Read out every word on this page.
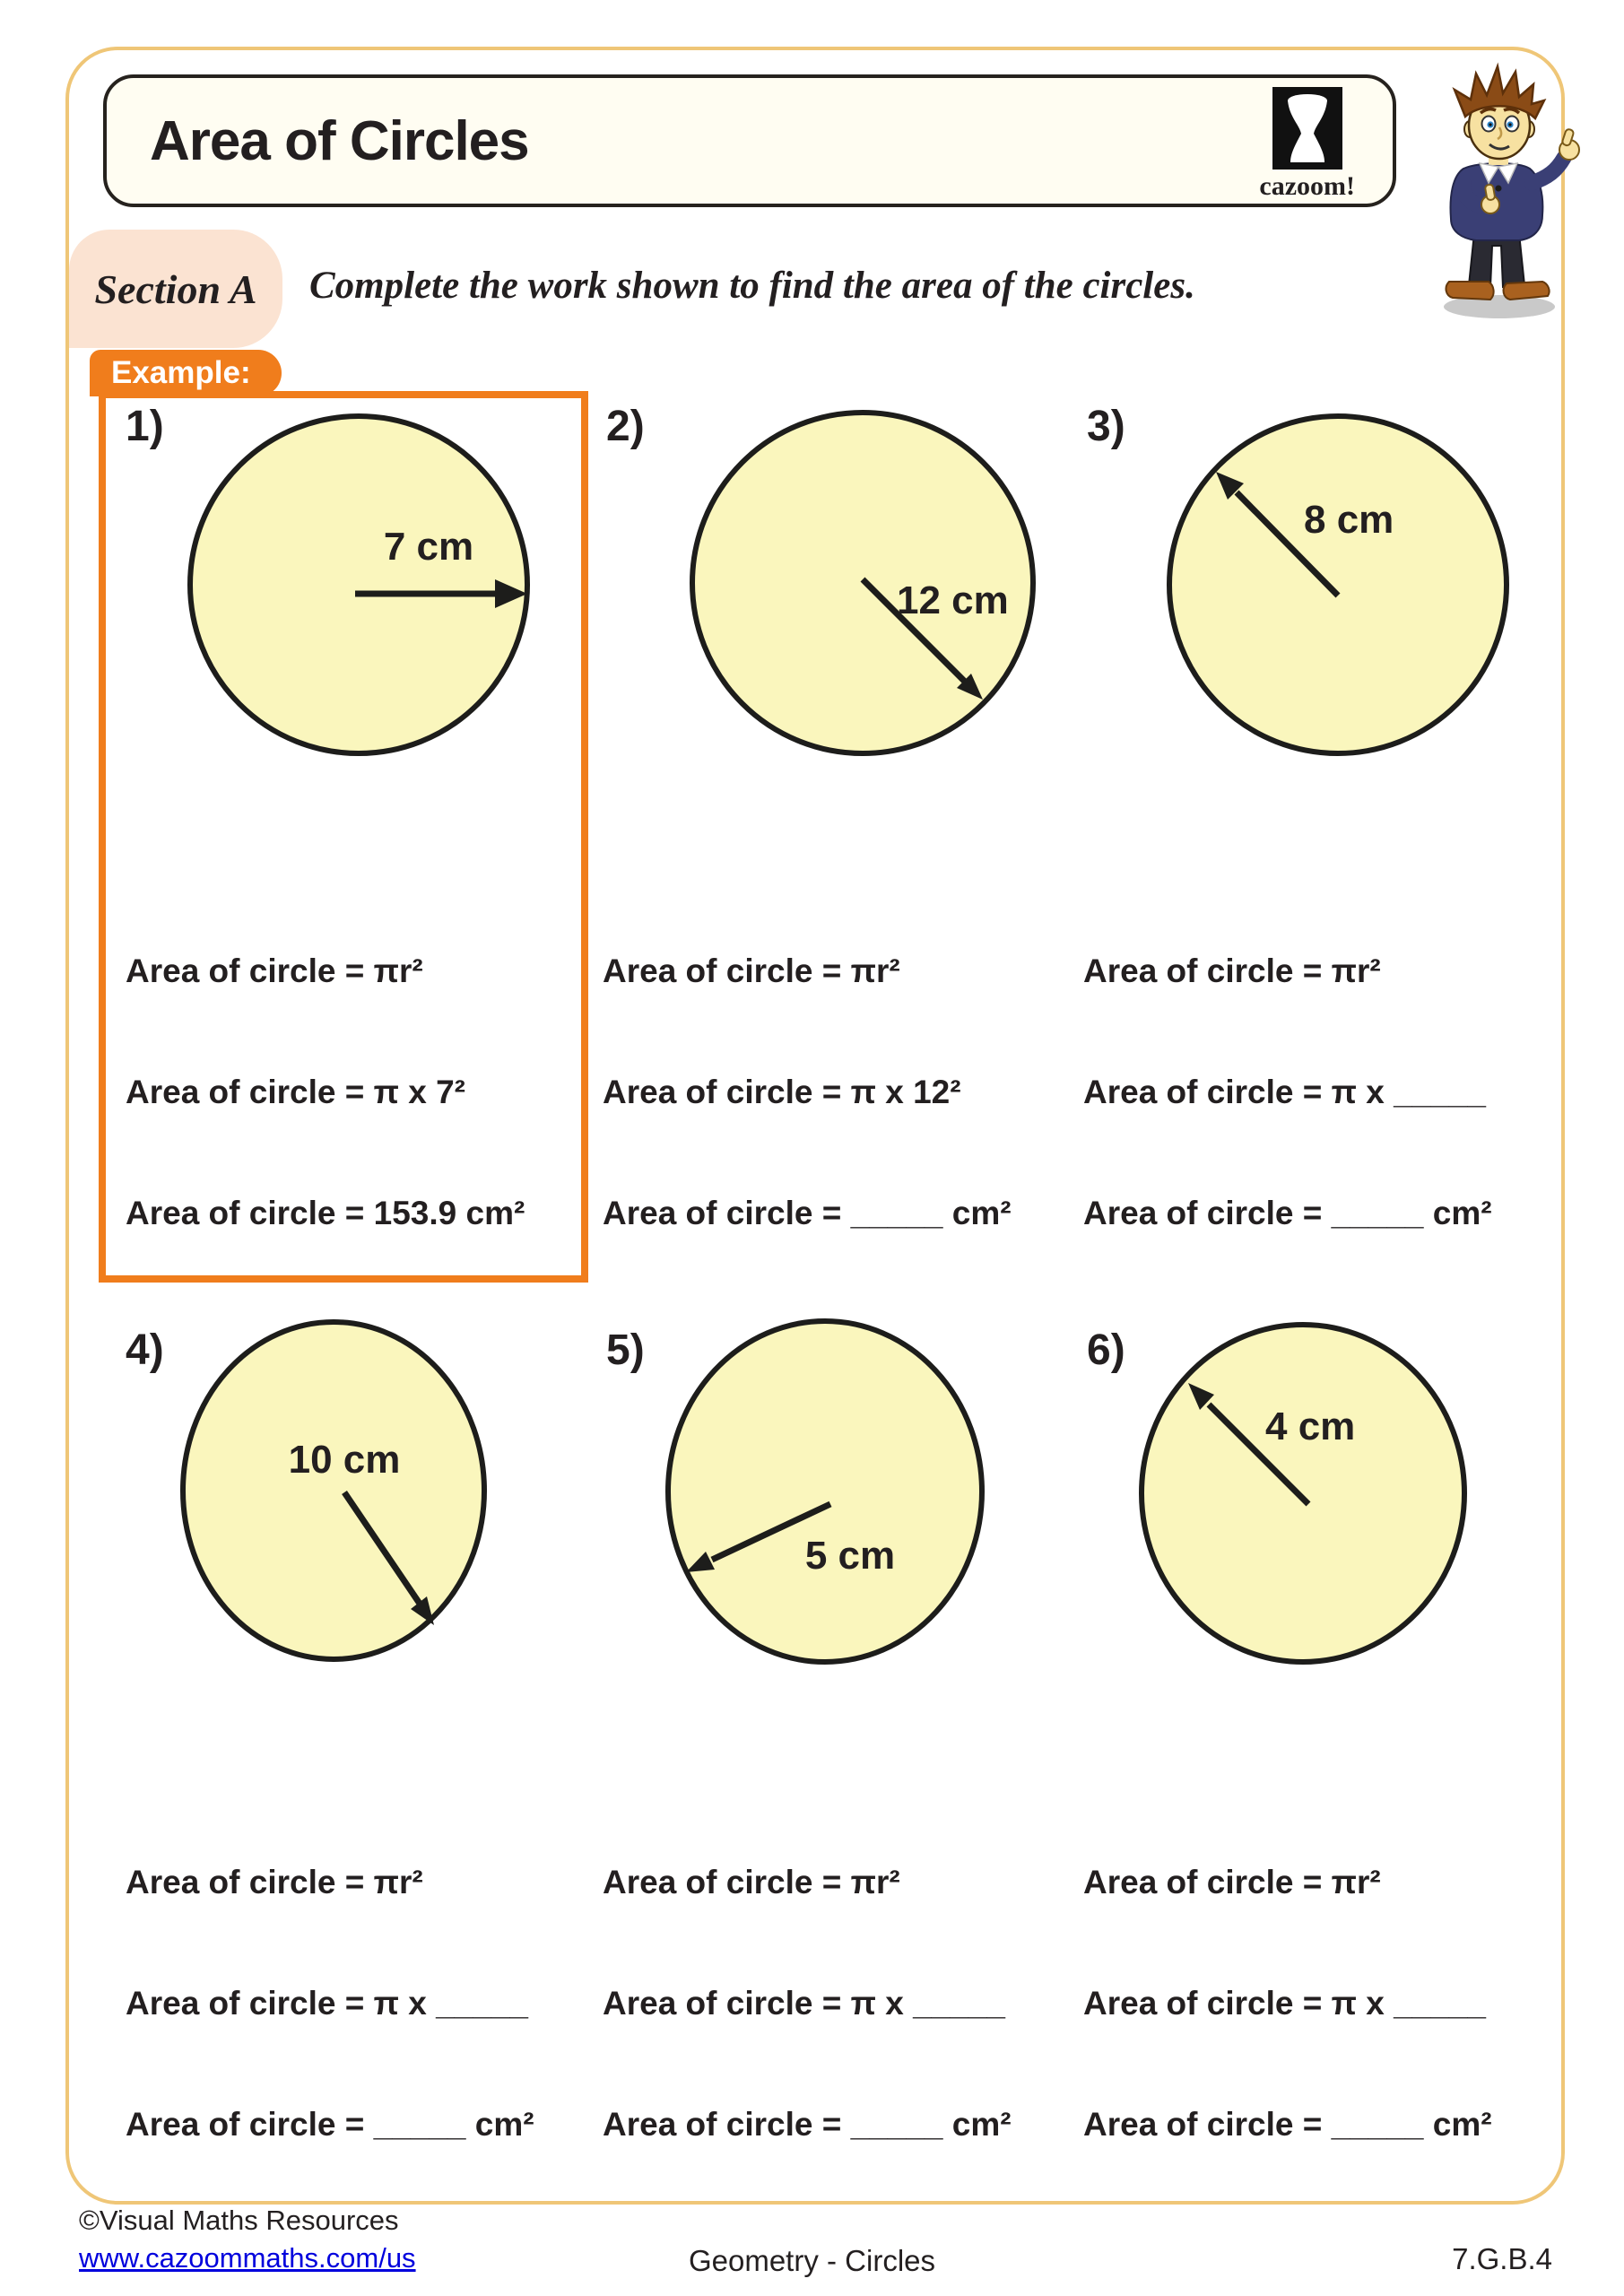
Area of Circles
cazoom!
Section A Complete the work shown to find the area of the circles.
Example:
1)	2)	3)
4)	5)	6)
7 cm
12 cm
8 cm
10 cm
5 cm
4 cm
Area of circle = πr²
Area of circle = π x 7²
Area of circle = 153.9 cm²
Area of circle = πr²
Area of circle = π x 12²
Area of circle = _____ cm²
Area of circle = πr²
Area of circle = π x _____
Area of circle = _____ cm²
Area of circle = πr²
Area of circle = π x _____
Area of circle = _____ cm²
Area of circle = πr²
Area of circle = π x _____
Area of circle = _____ cm²
Area of circle = πr²
Area of circle = π x _____
Area of circle = _____ cm²
©Visual Maths Resources
www.cazoommaths.com/us	Geometry - Circles	7.G.B.4
